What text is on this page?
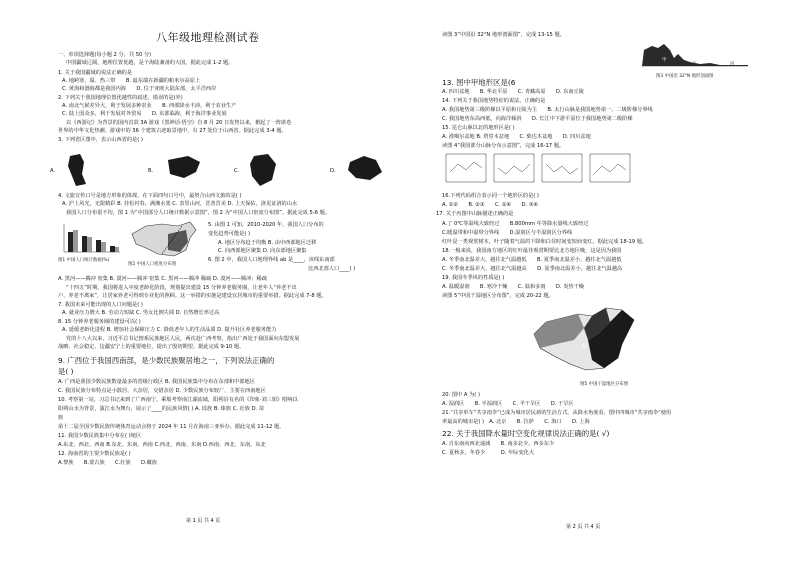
八年级地理检测试卷
一、单项选择题(每小题 2 分，共 50 分)
中国疆域辽阔，地理位置优越，是个海陆兼备的大国。据此完成 1-2 题。
1. 关于我国疆域的说法正确的是
A. 地跨寒、温、热三带　　B. 最东端在新疆的帕米尔高原上
C. 黄海和渤海都是我国内海　　D. 位于亚欧大陆东部，太平洋西岸
2. 下列关于我国地理位置优越性的叙述，错误的是(外)
A. 南北气候差异大，利于发展多种农业　　B. 西部降水丰沛，利于农业生产
C. 陆上国众多，利于发展对外贸易　　D. 东部临海，利于海洋事业发展
以《西游记》为背景的国内首款 3A 游戏《黑神话·悟空》自 8 月 20 日发售以来，掀起了一阵席卷
世界的中华文化热潮。游戏中的 36 个建筑古迹取景地中，有 27 处位于山西省。据此完成 3-4 题。
3. 下列省区图中，表示山西省的是( )
A.	B.	C.	D.
4. 文旅宣传口号是地方形象的体现。在下面四句口号中，最契合山西文旅的是( )
A. 沪上风光，无限精彩 B. 挂松衬春，满湘水墨 C. 表里山河，晋善晋美 D. 上天保佑，洛见证洛的山水
我国人口分布很不均，图 1 为“中国部分人口统计数据示意图”，图 2 为“中国人口密度分布图”。据此完成 5-6 题。
图1 中国人口统计数据(%)
图2 中国人口密度分布图
5. 由图 1 可知，2010-2020 年，我国人口分布的
变化趋势可能是( )
A. 地区分布趋于均衡 B. 由中西部地区迁移
C. 向西部地区聚集 D. 向东部地区聚集
6. 图 2 中，我国人口地理界线 ab 是____，该线东南部
比西北部人口____( )
A. 黑河——腾冲 密集 B. 漠河——腾冲 密集 C. 黑河——腾冲 稀疏 D. 漠河——腾冲；稀疏
“十四五”时期，我国将进入中度老龄化阶段，规划提出建设 15 分钟养老服务圈，让老年人“养老不出
户，养老不离家”，让居家养老可得到专业化的照顾。这一举措的实施是建设宜居城市的重要举措。据此完成 7-8 题。
7. 我国未来可能出现的人口问题是( )
A. 就业压力增大 B. 劳动力短缺 C. 男女比例失调 D. 自然增长率过高
8. 15 分钟养老服务圈的建设可以( )
A. 延缓老龄化进程 B. 增加社会保障压力 C. 降低老年人的生活品质 D. 提升社区养老服务能力
党的十八大以来，习近平总书记情系民族地区人民，两次赴广西考察，指出广西处于我国面向东盟发展
战略、社会稳定、边疆安宁上的重要地位，提出了殷切期望。据此完成 9-10 题。
9. 广西位于我国西南部，是少数民族聚居地之一，下列说法正确的
是( )
A. 广西是我国少数民族数量最多的省级行政区 B. 我国民族集中分布在东部和中部地区
C. 我国民族分布特点是小散居、大杂居，交错杂居 D. 少数民族分布较广，主要在西南地区
10. 考察第一站，习总书记来到了广西南宁，乘船考察南江湖流域，阳朔县有名的《印象·刘三姐》唱响以
阳朔山水为背景，演江水为舞台，展示了____的民族风情( ) A. 瑶族 B. 傣族 C. 壮族 D. 苗
族
第十二届全国少数民族传统体育运动会将于 2024 年 11 月在海南三亚举办。据此完成 11-12 题。
11. 我国少数民族集中分布在( )地区
A.东北、西北、西南 B.东北、东南、西南 C.西北、西南、东南 D.西南、西北、东南、东北
12. 海南省的主要少数民族是( )
A.黎族　　B.蒙古族　　C.壮族　　D.藏族
第 1 页 共 4 页
读图 3“中国沿 32°N 地形剖面图”，完成 13-15 题。
图3 中国沿 32°N 地形剖面图
甲
乙	丙
13. 图中甲地形区是(6
A. 四川盆地　　B. 华北平原　　C. 青藏高原　　D. 东南丘陵
14. 下列关于我国地势特征的说法，正确的是
A. 我国地势第三级阶梯以平原和丘陵为主　　B. 太行山脉是我国地势第一、二级阶梯分界线
C. 我国地势东高西低，向海洋倾斜　　D. 长江中下游平原位于我国地势第二级阶梯
15. 昆仑山脉以北的地形区是( )
A. 准噶尔盆地 B. 塔里木盆地　　C. 柴达木盆地　　D. 四川盆地
读图 4“我国部分山脉分布示意图”，完成 16-17 题。
16.下列代码组合表示同一个地形区的是( )
A. ①②　　B. ②③　　C. ①④　　D. ③④
17. 关于丙图中山脉描述正确的是
A.了 0℃等温线大致经过　　B.800mm 年等降水量线大致经过
C.暖温带和中温带分界线　　D.湿润区与半湿润区分界线
红叶是一类观赏树木，叶子随着气温的下降和白昼时间变短而变红。据此完成 18-19 题。
18.一般来说，我国南方地区的红叶最佳观赏期要比北方地区晚，这是因为我国
A. 冬季南北温差大，越往北气温越低　　B. 夏季南北温差小，越往北气温越低
C. 冬季南北温差大，越往北气温越高　　D. 夏季南北温差小，越往北气温越高
19. 我国冬季风的性质是( )
A. 温暖湿润　　B. 寒冷干燥　　C. 温和多雨　　D. 炎热干燥
读图 5“中国干湿地区分布图”，完成 20-22 题。
A
图5 中国干湿地区分布图
20. 图中 A 为( )
A. 湿润区　　B. 半湿润区　　C. 半干旱区　　D. 干旱区
21.“共享单车”共享雨伞“已成为城市居民新的生活方式。从降水角度看，图中四城市”共享雨伞“使用
率最高的城市是( )　A. 北京　　B. 拉萨　　C. 海口　　D. 上海
22. 关于我国降水量时空变化规律说法正确的是( √)
A. 自东南向西北递减　　B. 南多北少，西多东少
C. 夏秋多，冬春少　　　D. 年际变化大
第 2 页 共 4 页
